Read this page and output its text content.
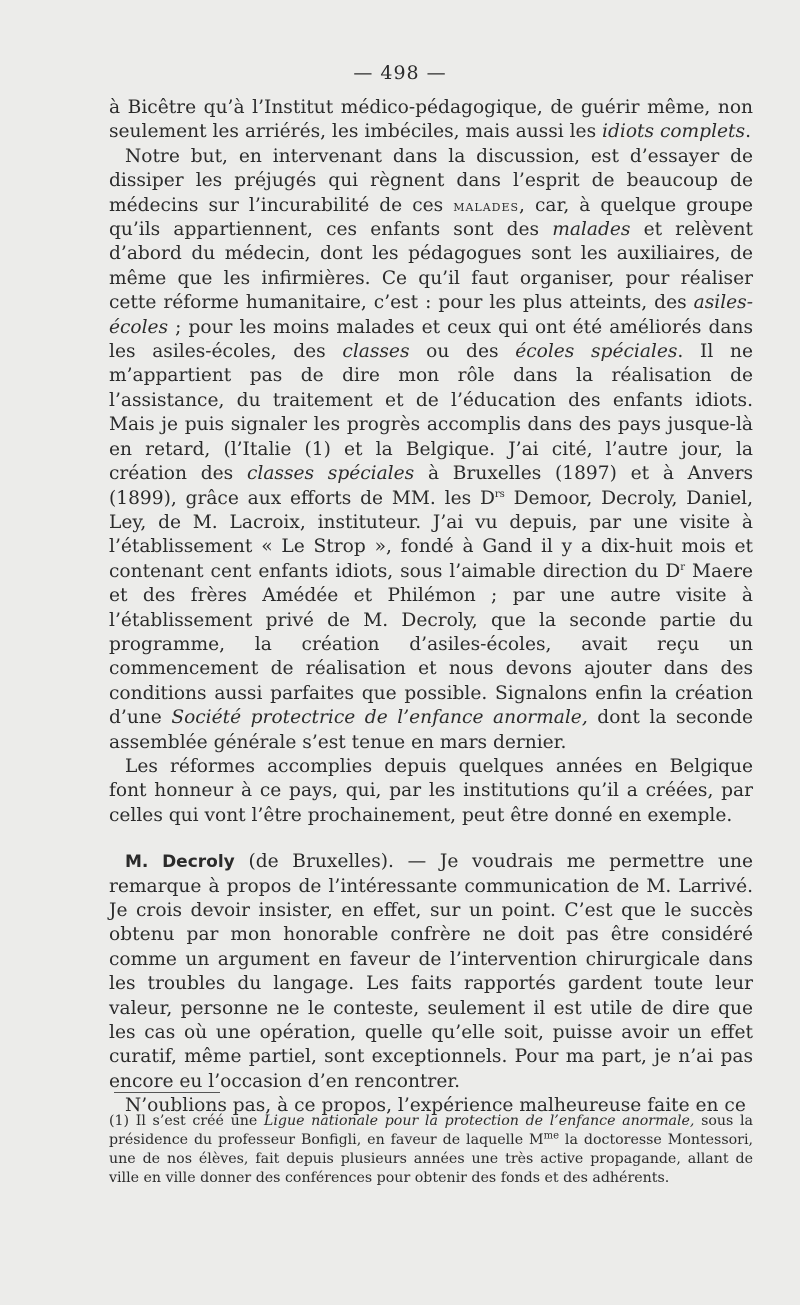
— 498 —

à Bicêtre qu’à l’Institut médico-pédagogique, de guérir même, non seulement les arriérés, les imbéciles, mais aussi les idiots complets.

Notre but, en intervenant dans la discussion, est d’essayer de dissiper les préjugés qui règnent dans l’esprit de beaucoup de médecins sur l’incurabilité de ces malades, car, à quelque groupe qu’ils appartiennent, ces enfants sont des malades et relèvent d’abord du médecin, dont les pédagogues sont les auxiliaires, de même que les infirmières. Ce qu’il faut organiser, pour réaliser cette réforme humanitaire, c’est : pour les plus atteints, des asiles-écoles ; pour les moins malades et ceux qui ont été améliorés dans les asiles-écoles, des classes ou des écoles spéciales. Il ne m’appartient pas de dire mon rôle dans la réalisation de l’assistance, du traitement et de l’éducation des enfants idiots. Mais je puis signaler les progrès accomplis dans des pays jusque-là en retard, (l’Italie (1) et la Belgique. J’ai cité, l’autre jour, la création des classes spéciales à Bruxelles (1897) et à Anvers (1899), grâce aux efforts de MM. les $D^{rs}$ Demoor, Decroly, Daniel, Ley, de M. Lacroix, instituteur. J’ai vu depuis, par une visite à l’établissement « Le Strop », fondé à Gand il y a dix-huit mois et contenant cent enfants idiots, sous l’aimable direction du $D^r$ Maere et des frères Amédée et Philémon ; par une autre visite à l’établissement privé de M. Decroly, que la seconde partie du programme, la création d’asiles-écoles, avait reçu un commencement de réalisation et nous devons ajouter dans des conditions aussi parfaites que possible. Signalons enfin la création d’une Société protectrice de l’enfance anormale, dont la seconde assemblée générale s’est tenue en mars dernier.

Les réformes accomplies depuis quelques années en Belgique font honneur à ce pays, qui, par les institutions qu’il a créées, par celles qui vont l’être prochainement, peut être donné en exemple.

M. Decroly (de Bruxelles). — Je voudrais me permettre une remarque à propos de l’intéressante communication de M. Larrivé. Je crois devoir insister, en effet, sur un point. C’est que le succès obtenu par mon honorable confrère ne doit pas être considéré comme un argument en faveur de l’intervention chirurgicale dans les troubles du langage. Les faits rapportés gardent toute leur valeur, personne ne le conteste, seulement il est utile de dire que les cas où une opération, quelle qu’elle soit, puisse avoir un effet curatif, même partiel, sont exceptionnels. Pour ma part, je n’ai pas encore eu l’occasion d’en rencontrer.

N’oublions pas, à ce propos, l’expérience malheureuse faite en ce

(1) Il s’est créé une Ligue nationale pour la protection de l’enfance anormale, sous la présidence du professeur Bonfigli, en faveur de laquelle $M^{me}$ la doctoresse Montessori, une de nos élèves, fait depuis plusieurs années une très active propagande, allant de ville en ville donner des conférences pour obtenir des fonds et des adhérents.
